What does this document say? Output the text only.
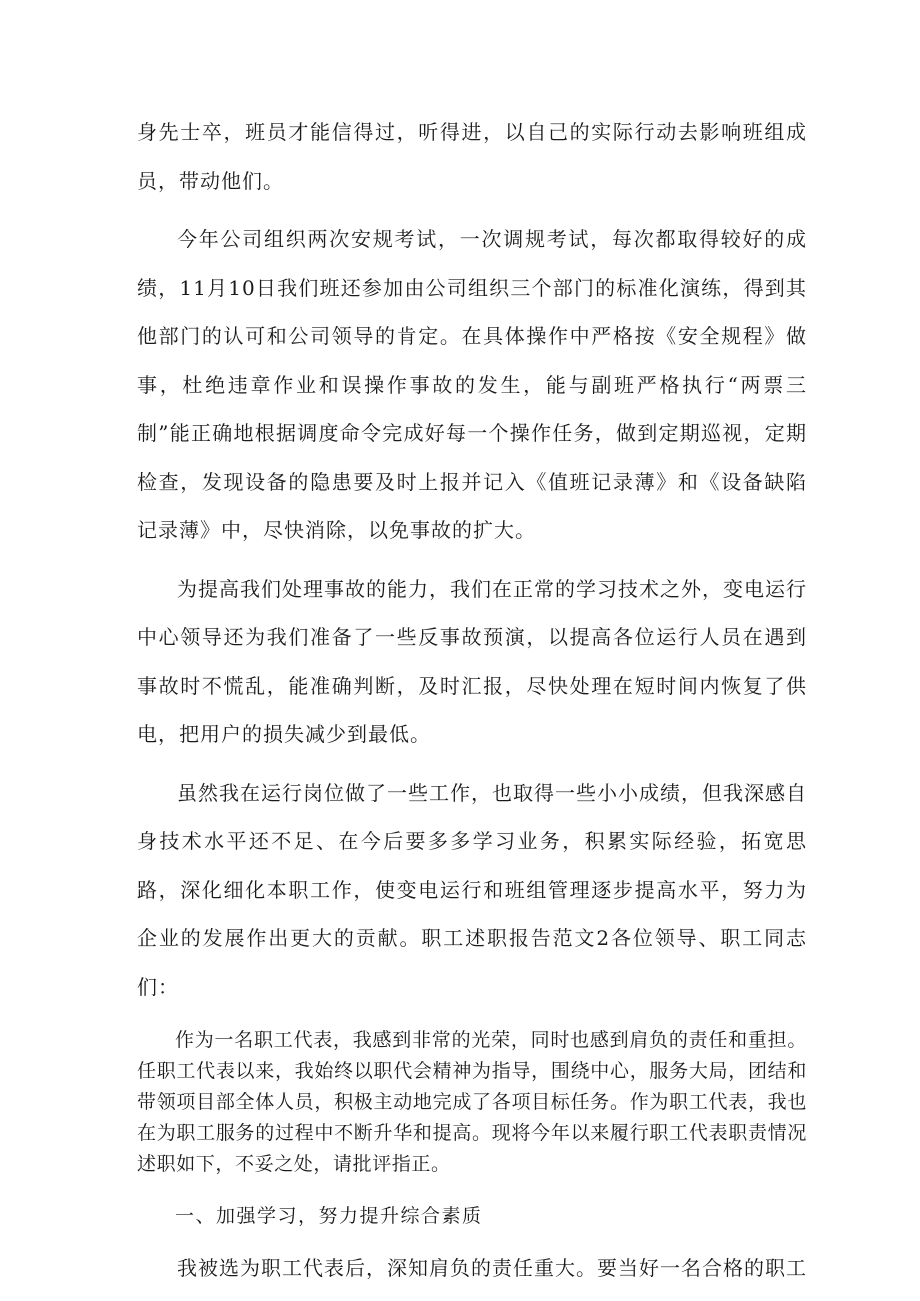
身先士卒，班员才能信得过，听得进，以自己的实际行动去影响班组成员，带动他们。

今年公司组织两次安规考试，一次调规考试，每次都取得较好的成绩，11月10日我们班还参加由公司组织三个部门的标准化演练，得到其他部门的认可和公司领导的肯定。在具体操作中严格按《安全规程》做事，杜绝违章作业和误操作事故的发生，能与副班严格执行“两票三制”能正确地根据调度命令完成好每一个操作任务，做到定期巡视，定期检查，发现设备的隐患要及时上报并记入《值班记录薄》和《设备缺陷记录薄》中，尽快消除，以免事故的扩大。

为提高我们处理事故的能力，我们在正常的学习技术之外，变电运行中心领导还为我们准备了一些反事故预演，以提高各位运行人员在遇到事故时不慌乱，能准确判断，及时汇报，尽快处理在短时间内恢复了供电，把用户的损失减少到最低。

虽然我在运行岗位做了一些工作，也取得一些小小成绩，但我深感自身技术水平还不足、在今后要多多学习业务，积累实际经验，拓宽思路，深化细化本职工作，使变电运行和班组管理逐步提高水平，努力为企业的发展作出更大的贡献。职工述职报告范文2各位领导、职工同志们：

作为一名职工代表，我感到非常的光荣，同时也感到肩负的责任和重担。任职工代表以来，我始终以职代会精神为指导，围绕中心，服务大局，团结和带领项目部全体人员，积极主动地完成了各项目标任务。作为职工代表，我也在为职工服务的过程中不断升华和提高。现将今年以来履行职工代表职责情况述职如下，不妥之处，请批评指正。

一、加强学习，努力提升综合素质

我被选为职工代表后，深知肩负的责任重大。要当好一名合格的职工
